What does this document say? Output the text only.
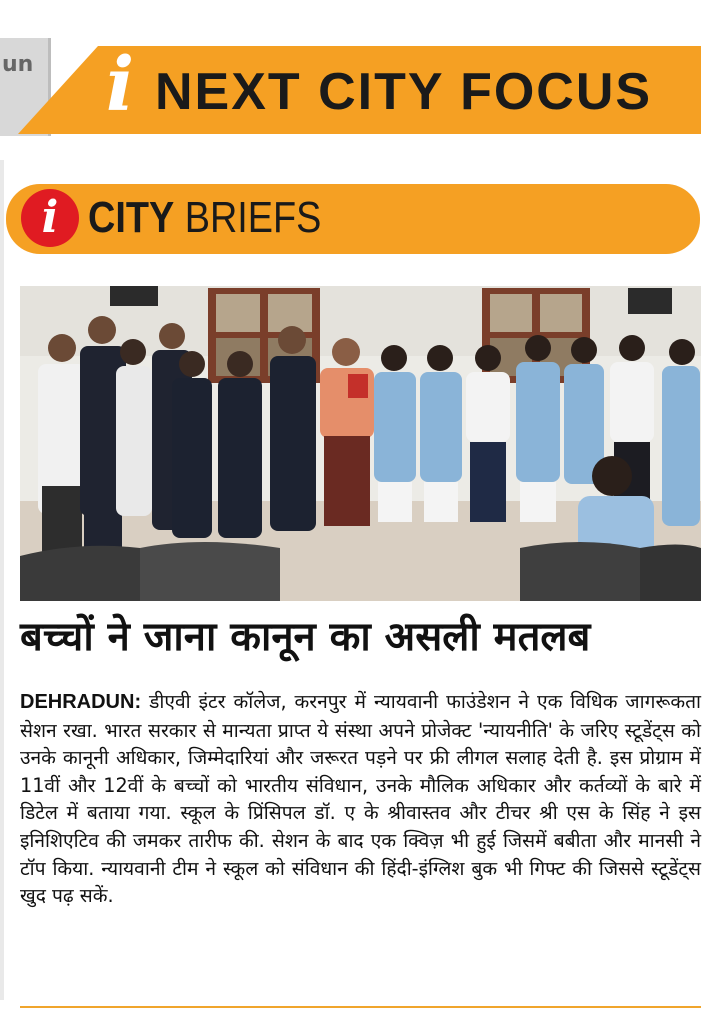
un i NEXT CITY FOCUS
i CITY BRIEFS
बच्चों ने जाना कानून का असली मतलब
DEHRADUN: डीएवी इंटर कॉलेज, करनपुर में न्यायवानी फाउंडेशन ने एक विधिक जागरूकता सेशन रखा. भारत सरकार से मान्यता प्राप्त ये संस्था अपने प्रोजेक्ट 'न्यायनीति' के जरिए स्टूडेंट्स को उनके कानूनी अधिकार, जिम्मेदारियां और जरूरत पड़ने पर फ्री लीगल सलाह देती है. इस प्रोग्राम में 11वीं और 12वीं के बच्चों को भारतीय संविधान, उनके मौलिक अधिकार और कर्तव्यों के बारे में डिटेल में बताया गया. स्कूल के प्रिंसिपल डॉ. ए के श्रीवास्तव और टीचर श्री एस के सिंह ने इस इनिशिएटिव की जमकर तारीफ की. सेशन के बाद एक क्विज़ भी हुई जिसमें बबीता और मानसी ने टॉप किया. न्यायवानी टीम ने स्कूल को संविधान की हिंदी-इंग्लिश बुक भी गिफ्ट की जिससे स्टूडेंट्स खुद पढ़ सकें.
